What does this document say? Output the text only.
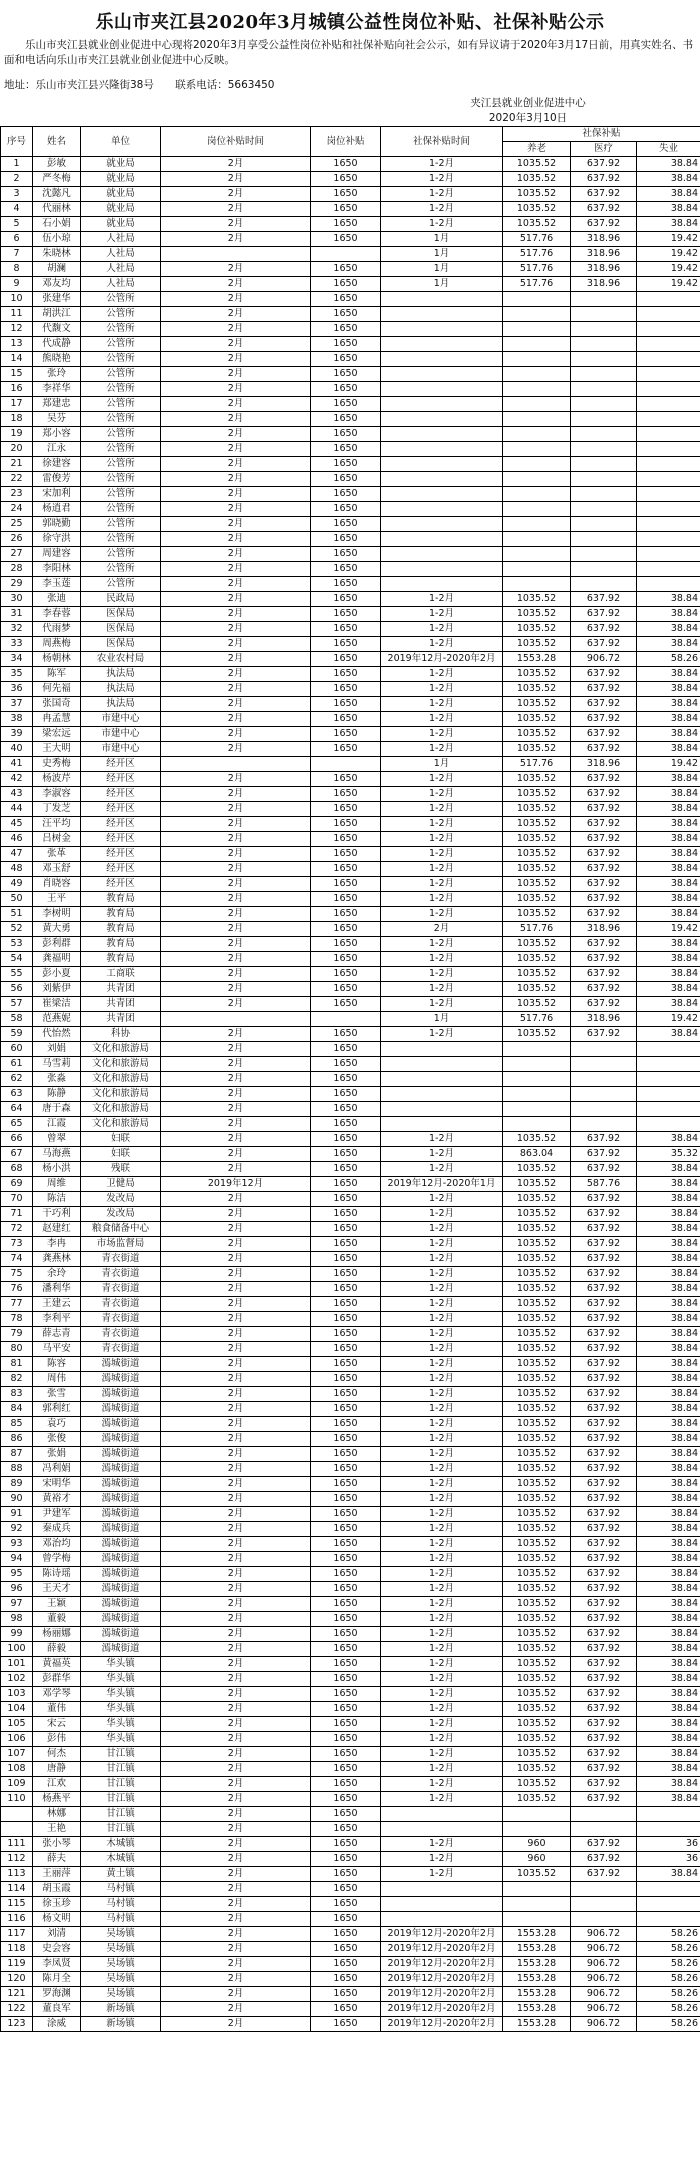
乐山市夹江县2020年3月城镇公益性岗位补贴、社保补贴公示
乐山市夹江县就业创业促进中心现将2020年3月享受公益性岗位补贴和社保补贴向社会公示，如有异议请于2020年3月17日前，用真实姓名、书面和电话向乐山市夹江县就业创业促进中心反映。
地址：乐山市夹江县兴隆街38号 联系电话：5663450
夹江县就业创业促进中心
2020年3月10日
序号	姓名	单位	岗位补贴时间	岗位补贴	社保补贴时间	社保补贴		
						养老	医疗	失业
1	彭敏	就业局	2月	1650	1-2月	1035.52	637.92	38.84
2	严冬梅	就业局	2月	1650	1-2月	1035.52	637.92	38.84
3	沈懿凡	就业局	2月	1650	1-2月	1035.52	637.92	38.84
4	代丽林	就业局	2月	1650	1-2月	1035.52	637.92	38.84
5	石小娟	就业局	2月	1650	1-2月	1035.52	637.92	38.84
6	伍小琼	人社局	2月	1650	1月	517.76	318.96	19.42
7	朱晓林	人社局			1月	517.76	318.96	19.42
8	胡澜	人社局	2月	1650	1月	517.76	318.96	19.42
9	邓友均	人社局	2月	1650	1月	517.76	318.96	19.42
10	张建华	公管所	2月	1650				
11	胡洪江	公管所	2月	1650				
12	代馥文	公管所	2月	1650				
13	代成静	公管所	2月	1650				
14	熊晓艳	公管所	2月	1650				
15	张玲	公管所	2月	1650				
16	李祥华	公管所	2月	1650				
17	郑建忠	公管所	2月	1650				
18	吴芬	公管所	2月	1650				
19	郑小容	公管所	2月	1650				
20	江永	公管所	2月	1650				
21	徐建容	公管所	2月	1650				
22	雷俊芳	公管所	2月	1650				
23	宋加利	公管所	2月	1650				
24	杨逍君	公管所	2月	1650				
25	郭晓勤	公管所	2月	1650				
26	徐守洪	公管所	2月	1650				
27	周建容	公管所	2月	1650				
28	李阳林	公管所	2月	1650				
29	李玉莲	公管所	2月	1650				
30	张迪	民政局	2月	1650	1-2月	1035.52	637.92	38.84
31	李春蓉	医保局	2月	1650	1-2月	1035.52	637.92	38.84
32	代雨梦	医保局	2月	1650	1-2月	1035.52	637.92	38.84
33	周燕梅	医保局	2月	1650	1-2月	1035.52	637.92	38.84
34	杨朝林	农业农村局	2月	1650	2019年12月-2020年2月	1553.28	906.72	58.26
35	陈军	执法局	2月	1650	1-2月	1035.52	637.92	38.84
36	何先福	执法局	2月	1650	1-2月	1035.52	637.92	38.84
37	张国奇	执法局	2月	1650	1-2月	1035.52	637.92	38.84
38	冉孟慧	市建中心	2月	1650	1-2月	1035.52	637.92	38.84
39	梁宏远	市建中心	2月	1650	1-2月	1035.52	637.92	38.84
40	王大明	市建中心	2月	1650	1-2月	1035.52	637.92	38.84
41	史秀梅	经开区			1月	517.76	318.96	19.42
42	杨波芹	经开区	2月	1650	1-2月	1035.52	637.92	38.84
43	李淑容	经开区	2月	1650	1-2月	1035.52	637.92	38.84
44	丁发芝	经开区	2月	1650	1-2月	1035.52	637.92	38.84
45	汪平均	经开区	2月	1650	1-2月	1035.52	637.92	38.84
46	吕树金	经开区	2月	1650	1-2月	1035.52	637.92	38.84
47	张革	经开区	2月	1650	1-2月	1035.52	637.92	38.84
48	邓玉舒	经开区	2月	1650	1-2月	1035.52	637.92	38.84
49	肖晓容	经开区	2月	1650	1-2月	1035.52	637.92	38.84
50	王平	教育局	2月	1650	1-2月	1035.52	637.92	38.84
51	李树明	教育局	2月	1650	1-2月	1035.52	637.92	38.84
52	黄大勇	教育局	2月	1650	2月	517.76	318.96	19.42
53	彭利群	教育局	2月	1650	1-2月	1035.52	637.92	38.84
54	龚福明	教育局	2月	1650	1-2月	1035.52	637.92	38.84
55	彭小夏	工商联	2月	1650	1-2月	1035.52	637.92	38.84
56	刘紫伊	共青团	2月	1650	1-2月	1035.52	637.92	38.84
57	崔梁洁	共青团	2月	1650	1-2月	1035.52	637.92	38.84
58	范燕妮	共青团			1月	517.76	318.96	19.42
59	代怡然	科协	2月	1650	1-2月	1035.52	637.92	38.84
60	刘娟	文化和旅游局	2月	1650				
61	马雪莉	文化和旅游局	2月	1650				
62	张淼	文化和旅游局	2月	1650				
63	陈静	文化和旅游局	2月	1650				
64	唐于森	文化和旅游局	2月	1650				
65	江霞	文化和旅游局	2月	1650				
66	曾翠	妇联	2月	1650	1-2月	1035.52	637.92	38.84
67	马海燕	妇联	2月	1650	1-2月	863.04	637.92	35.32
68	杨小洪	残联	2月	1650	1-2月	1035.52	637.92	38.84
69	周维	卫健局	2019年12月	1650	2019年12月-2020年1月	1035.52	587.76	38.84
70	陈洁	发改局	2月	1650	1-2月	1035.52	637.92	38.84
71	干巧利	发改局	2月	1650	1-2月	1035.52	637.92	38.84
72	赵建红	粮食储备中心	2月	1650	1-2月	1035.52	637.92	38.84
73	李冉	市场监督局	2月	1650	1-2月	1035.52	637.92	38.84
74	龚燕林	青衣街道	2月	1650	1-2月	1035.52	637.92	38.84
75	余玲	青衣街道	2月	1650	1-2月	1035.52	637.92	38.84
76	潘利华	青衣街道	2月	1650	1-2月	1035.52	637.92	38.84
77	王建云	青衣街道	2月	1650	1-2月	1035.52	637.92	38.84
78	李利平	青衣街道	2月	1650	1-2月	1035.52	637.92	38.84
79	薛志青	青衣街道	2月	1650	1-2月	1035.52	637.92	38.84
80	马平安	青衣街道	2月	1650	1-2月	1035.52	637.92	38.84
81	陈容	漹城街道	2月	1650	1-2月	1035.52	637.92	38.84
82	周伟	漹城街道	2月	1650	1-2月	1035.52	637.92	38.84
83	张雪	漹城街道	2月	1650	1-2月	1035.52	637.92	38.84
84	郭利红	漹城街道	2月	1650	1-2月	1035.52	637.92	38.84
85	袁巧	漹城街道	2月	1650	1-2月	1035.52	637.92	38.84
86	张俊	漹城街道	2月	1650	1-2月	1035.52	637.92	38.84
87	张娟	漹城街道	2月	1650	1-2月	1035.52	637.92	38.84
88	冯利娟	漹城街道	2月	1650	1-2月	1035.52	637.92	38.84
89	宋明华	漹城街道	2月	1650	1-2月	1035.52	637.92	38.84
90	黄裕才	漹城街道	2月	1650	1-2月	1035.52	637.92	38.84
91	尹建军	漹城街道	2月	1650	1-2月	1035.52	637.92	38.84
92	秦成兵	漹城街道	2月	1650	1-2月	1035.52	637.92	38.84
93	邓治均	漹城街道	2月	1650	1-2月	1035.52	637.92	38.84
94	曾学梅	漹城街道	2月	1650	1-2月	1035.52	637.92	38.84
95	陈诗瑶	漹城街道	2月	1650	1-2月	1035.52	637.92	38.84
96	王天才	漹城街道	2月	1650	1-2月	1035.52	637.92	38.84
97	王颖	漹城街道	2月	1650	1-2月	1035.52	637.92	38.84
98	董毅	漹城街道	2月	1650	1-2月	1035.52	637.92	38.84
99	杨丽娜	漹城街道	2月	1650	1-2月	1035.52	637.92	38.84
100	薛毅	漹城街道	2月	1650	1-2月	1035.52	637.92	38.84
101	黄福英	华头镇	2月	1650	1-2月	1035.52	637.92	38.84
102	彭群华	华头镇	2月	1650	1-2月	1035.52	637.92	38.84
103	邓学琴	华头镇	2月	1650	1-2月	1035.52	637.92	38.84
104	董伟	华头镇	2月	1650	1-2月	1035.52	637.92	38.84
105	宋云	华头镇	2月	1650	1-2月	1035.52	637.92	38.84
106	彭伟	华头镇	2月	1650	1-2月	1035.52	637.92	38.84
107	何杰	甘江镇	2月	1650	1-2月	1035.52	637.92	38.84
108	唐静	甘江镇	2月	1650	1-2月	1035.52	637.92	38.84
109	江欢	甘江镇	2月	1650	1-2月	1035.52	637.92	38.84
110	杨燕平	甘江镇	2月	1650	1-2月	1035.52	637.92	38.84
	林娜	甘江镇	2月	1650				
	王艳	甘江镇	2月	1650				
111	张小琴	木城镇	2月	1650	1-2月	960	637.92	36
112	薛夫	木城镇	2月	1650	1-2月	960	637.92	36
113	王丽萍	黄土镇	2月	1650	1-2月	1035.52	637.92	38.84
114	胡玉霞	马村镇	2月	1650				
115	徐玉珍	马村镇	2月	1650				
116	杨文明	马村镇	2月	1650				
117	刘清	吴场镇	2月	1650	2019年12月-2020年2月	1553.28	906.72	58.26
118	史会容	吴场镇	2月	1650	2019年12月-2020年2月	1553.28	906.72	58.26
119	李凤贤	吴场镇	2月	1650	2019年12月-2020年2月	1553.28	906.72	58.26
120	陈月全	吴场镇	2月	1650	2019年12月-2020年2月	1553.28	906.72	58.26
121	罗海渊	吴场镇	2月	1650	2019年12月-2020年2月	1553.28	906.72	58.26
122	董良军	新场镇	2月	1650	2019年12月-2020年2月	1553.28	906.72	58.26
123	涂威	新场镇	2月	1650	2019年12月-2020年2月	1553.28	906.72	58.26
